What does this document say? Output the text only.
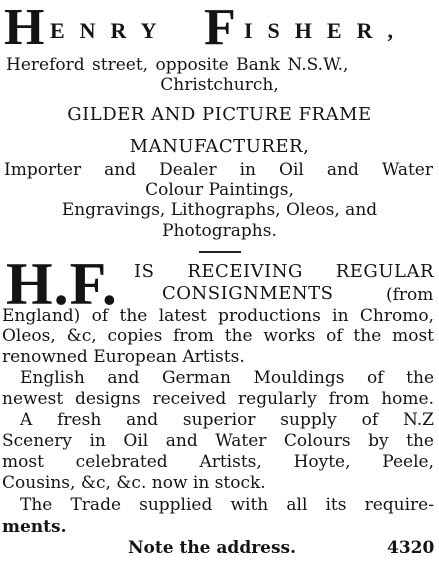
H ENRY F ISHER,
Hereford street, opposite Bank N.S.W.,
Christchurch,
GILDER AND PICTURE FRAME
MANUFACTURER,
Importer and Dealer in Oil and Water
Colour Paintings,
Engravings, Lithographs, Oleos, and
Photographs.
H.F. IS RECEIVING REGULAR
CONSIGNMENTS	(from
England) of the latest productions in Chromo,
Oleos, &c, copies from the works of the most
renowned European Artists.
English and German Mouldings of the
newest designs received regularly from home.
A fresh and superior supply of N.Z
Scenery in Oil and Water Colours by the
most celebrated Artists, Hoyte, Peele,
Cousins, &c, &c. now in stock.
The Trade supplied with all its require-
ments.
Note the address.	4320
